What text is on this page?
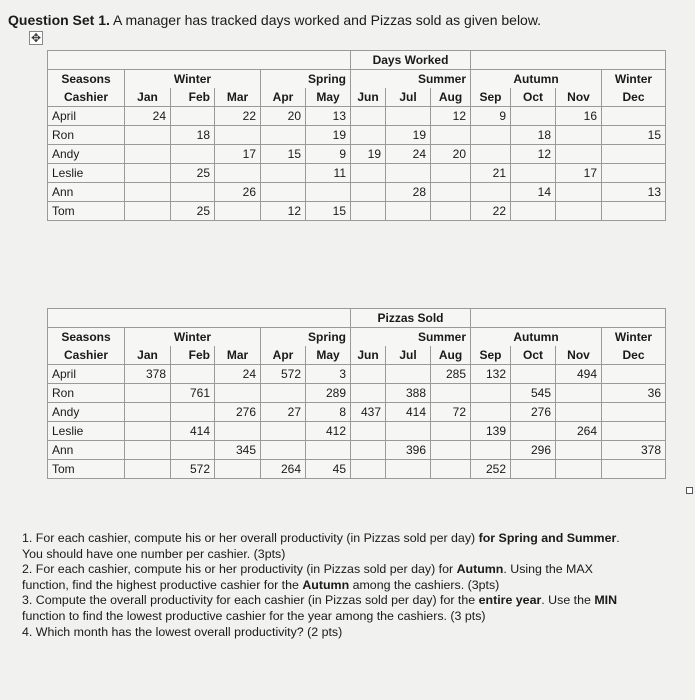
Question Set 1. A manager has tracked days worked and Pizzas sold as given below.

✥
						Days Worked						
Seasons	Winter			Spring		Summer			Autumn			Winter
Cashier	Jan	Feb	Mar	Apr	May	Jun	Jul	Aug	Sep	Oct	Nov	Dec
April	24		22	20	13			12	9		16	
Ron		18			19		19			18		15
Andy			17	15	9	19	24	20		12		
Leslie		25			11				21		17	
Ann			26				28			14		13
Tom		25		12	15				22			
						Pizzas Sold						
Seasons	Winter			Spring		Summer			Autumn			Winter
Cashier	Jan	Feb	Mar	Apr	May	Jun	Jul	Aug	Sep	Oct	Nov	Dec
April	378		24	572	3			285	132		494	
Ron		761			289		388			545		36
Andy			276	27	8	437	414	72		276		
Leslie		414			412				139		264	
Ann			345				396			296		378
Tom		572		264	45				252			

1. For each cashier, compute his or her overall productivity (in Pizzas sold per day) for Spring and Summer. You should have one number per cashier. (3pts)

2. For each cashier, compute his or her productivity (in Pizzas sold per day) for Autumn. Using the MAX function, find the highest productive cashier for the Autumn among the cashiers. (3pts)

3. Compute the overall productivity for each cashier (in Pizzas sold per day) for the entire year. Use the MIN function to find the lowest productive cashier for the year among the cashiers. (3 pts)

4. Which month has the lowest overall productivity? (2 pts)
